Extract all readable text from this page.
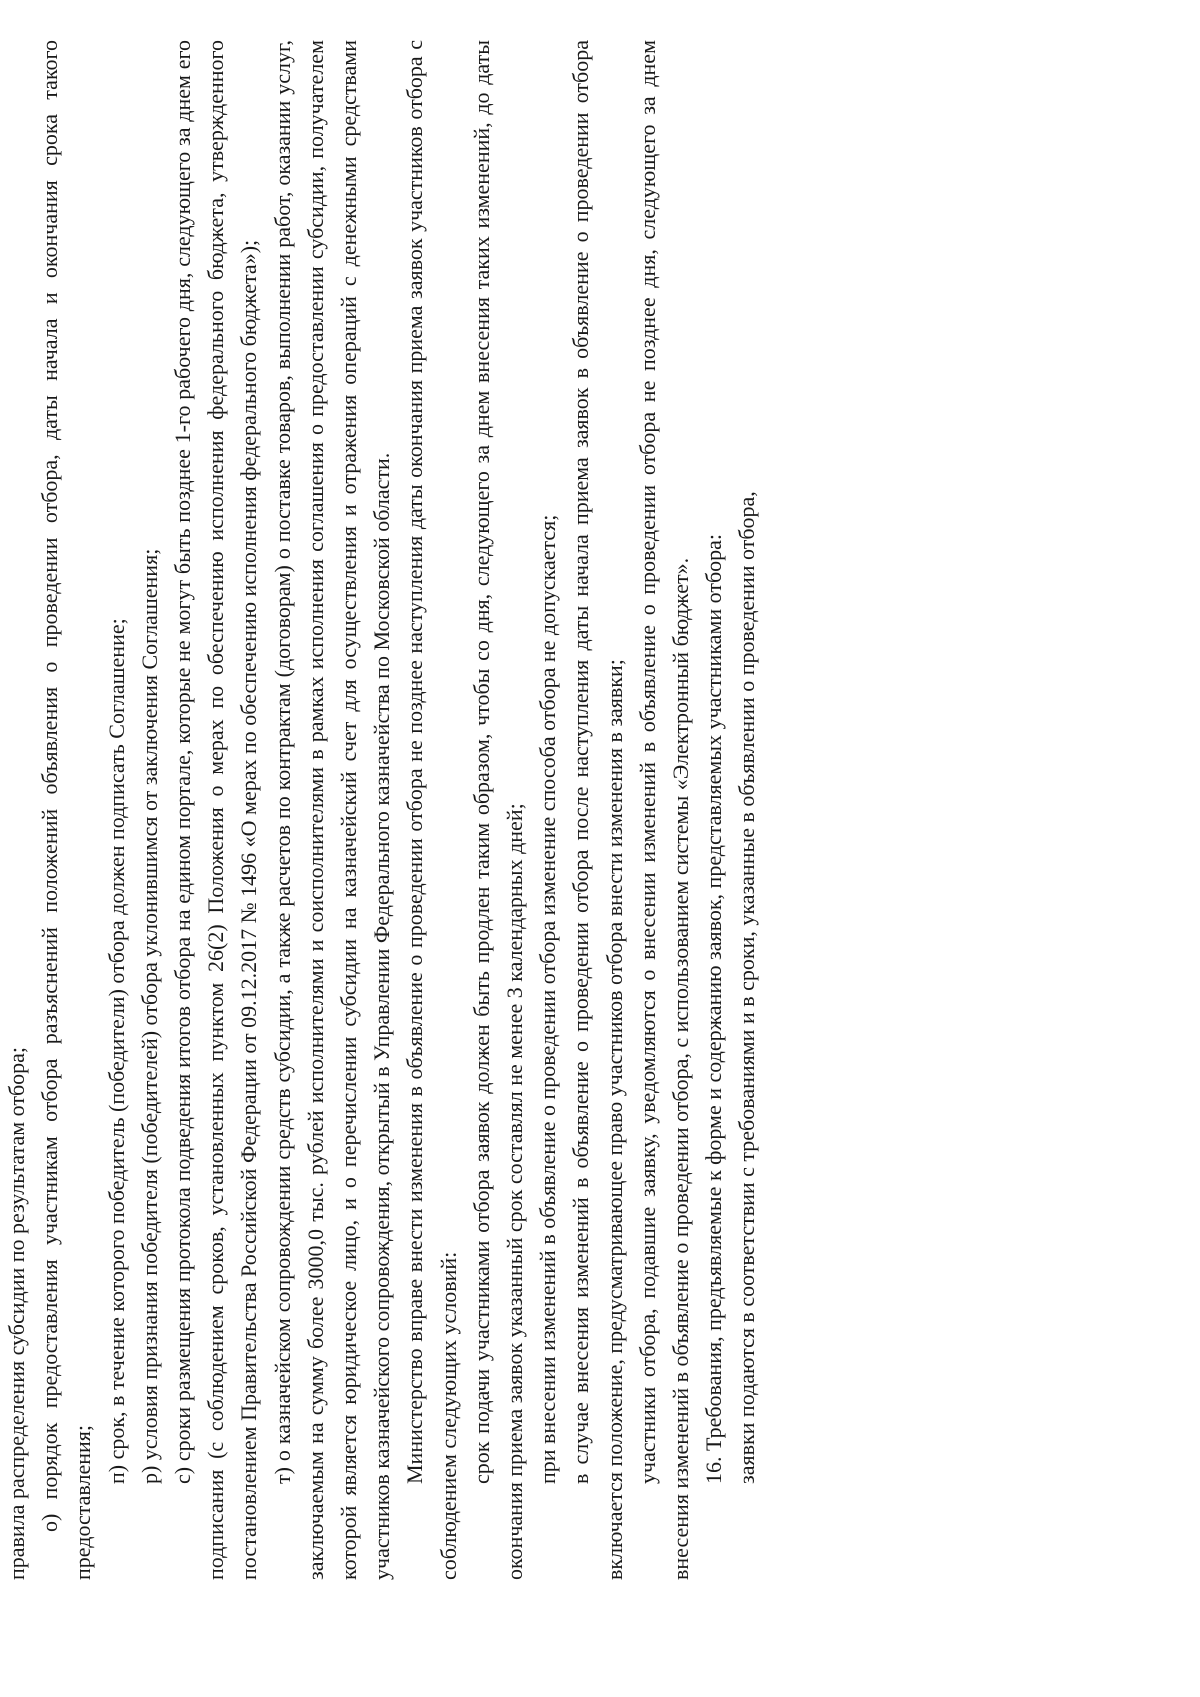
правила распределения субсидии по результатам отбора; о) порядок предоставления участникам отбора разъяснений положений объявления о проведении отбора, даты начала и окончания срока такого предоставления;

п) срок, в течение которого победитель (победители) отбора должен подписать Соглашение; р) условия признания победителя (победителей) отбора уклонившимся от заключения Соглашения; с) сроки размещения протокола подведения итогов отбора на едином портале, которые не могут быть позднее 1-го рабочего дня, следующего за днем его подписания (с соблюдением сроков, установленных пунктом 26(2) Положения о мерах по обеспечению исполнения федерального бюджета, утвержденного постановлением Правительства Российской Федерации от 09.12.2017 № 1496 «О мерах по обеспечению исполнения федерального бюджета»); т) о казначейском сопровождении средств субсидии, а также расчетов по контрактам (договорам) о поставке товаров, выполнении работ, оказании услуг, заключаемым на сумму более 3000,0 тыс. рублей исполнителями и соисполнителями в рамках исполнения соглашения о предоставлении субсидии, получателем которой является юридическое лицо, и о перечислении субсидии на казначейский счет для осуществления и отражения операций с денежными средствами участников казначейского сопровождения, открытый в Управлении Федерального казначейства по Московской области. Министерство вправе внести изменения в объявление о проведении отбора не позднее наступления даты окончания приема заявок участников отбора с соблюдением следующих условий: срок подачи участниками отбора заявок должен быть продлен таким образом, чтобы со дня, следующего за днем внесения таких изменений, до даты окончания приема заявок указанный срок составлял не менее 3 календарных дней; при внесении изменений в объявление о проведении отбора изменение способа отбора не допускается; в случае внесения изменений в объявление о проведении отбора после наступления даты начала приема заявок в объявление о проведении отбора включается положение, предусматривающее право участников отбора внести изменения в заявки; участники отбора, подавшие заявку, уведомляются о внесении изменений в объявление о проведении отбора не позднее дня, следующего за днем внесения изменений в объявление о проведении отбора, с использованием системы «Электронный бюджет». 16. Требования, предъявляемые к форме и содержанию заявок, представляемых участниками отбора: заявки подаются в соответствии с требованиями и в сроки, указанные в объявлении о проведении отбора,
